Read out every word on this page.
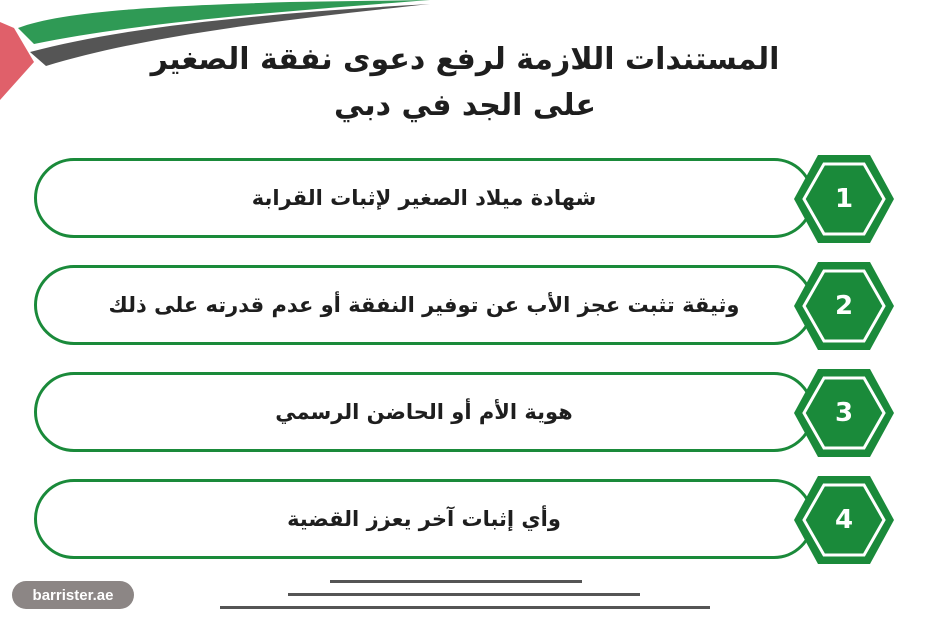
المستندات اللازمة لرفع دعوى نفقة الصغير
على الجد في دبي
شهادة ميلاد الصغير لإثبات القرابة	1
وثيقة تثبت عجز الأب عن توفير النفقة أو عدم قدرته على ذلك	2
هوية الأم أو الحاضن الرسمي	3
وأي إثبات آخر يعزز القضية	4
barrister.ae
